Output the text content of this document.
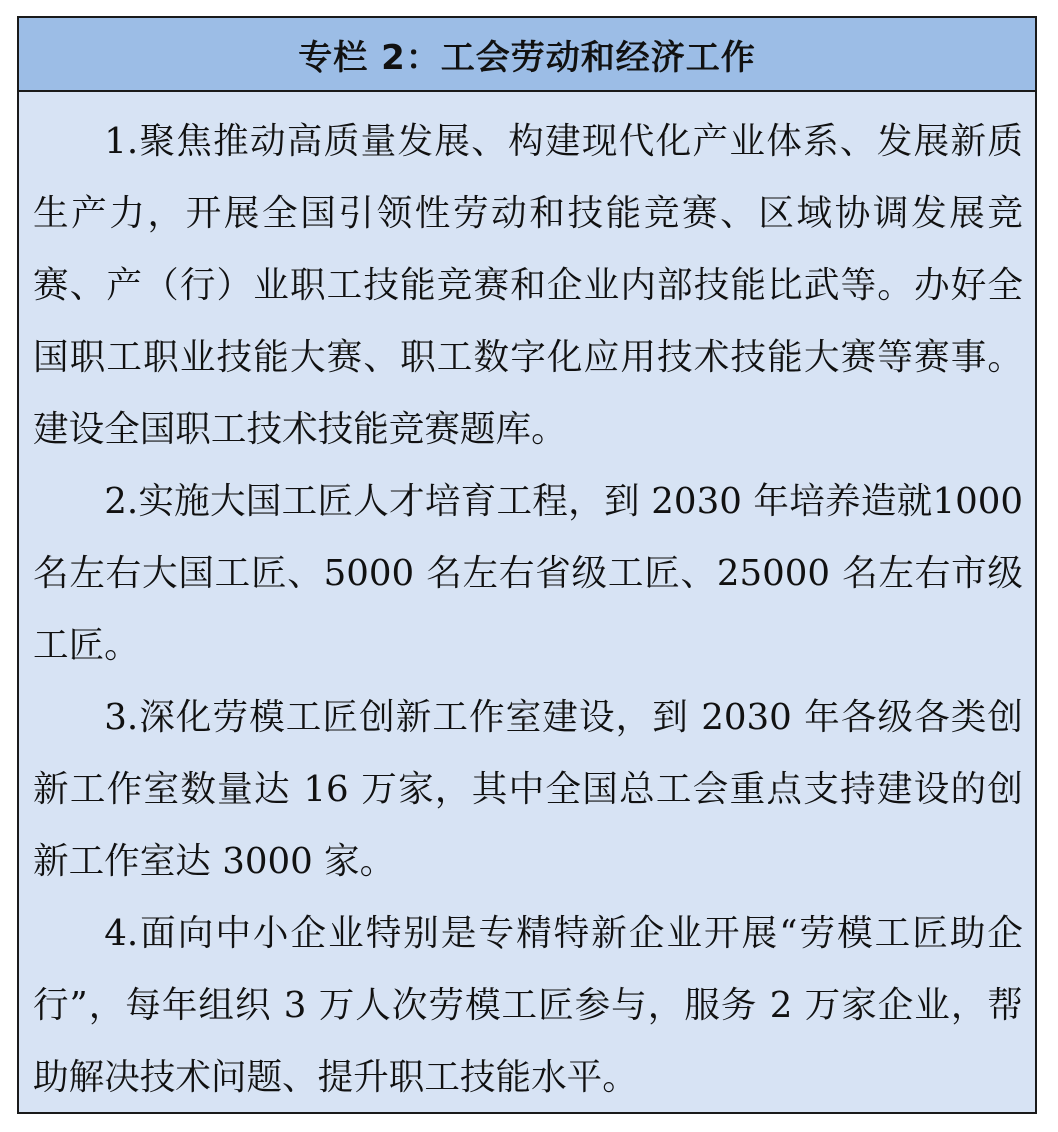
专栏 2：工会劳动和经济工作

1.聚焦推动高质量发展、构建现代化产业体系、发展新质生产力，开展全国引领性劳动和技能竞赛、区域协调发展竞赛、产（行）业职工技能竞赛和企业内部技能比武等。办好全国职工职业技能大赛、职工数字化应用技术技能大赛等赛事。建设全国职工技术技能竞赛题库。

2.实施大国工匠人才培育工程，到 2030 年培养造就1000 名左右大国工匠、5000 名左右省级工匠、25000 名左右市级工匠。

3.深化劳模工匠创新工作室建设，到 2030 年各级各类创新工作室数量达 16 万家，其中全国总工会重点支持建设的创新工作室达 3000 家。

4.面向中小企业特别是专精特新企业开展“劳模工匠助企行”，每年组织 3 万人次劳模工匠参与，服务 2 万家企业，帮助解决技术问题、提升职工技能水平。
